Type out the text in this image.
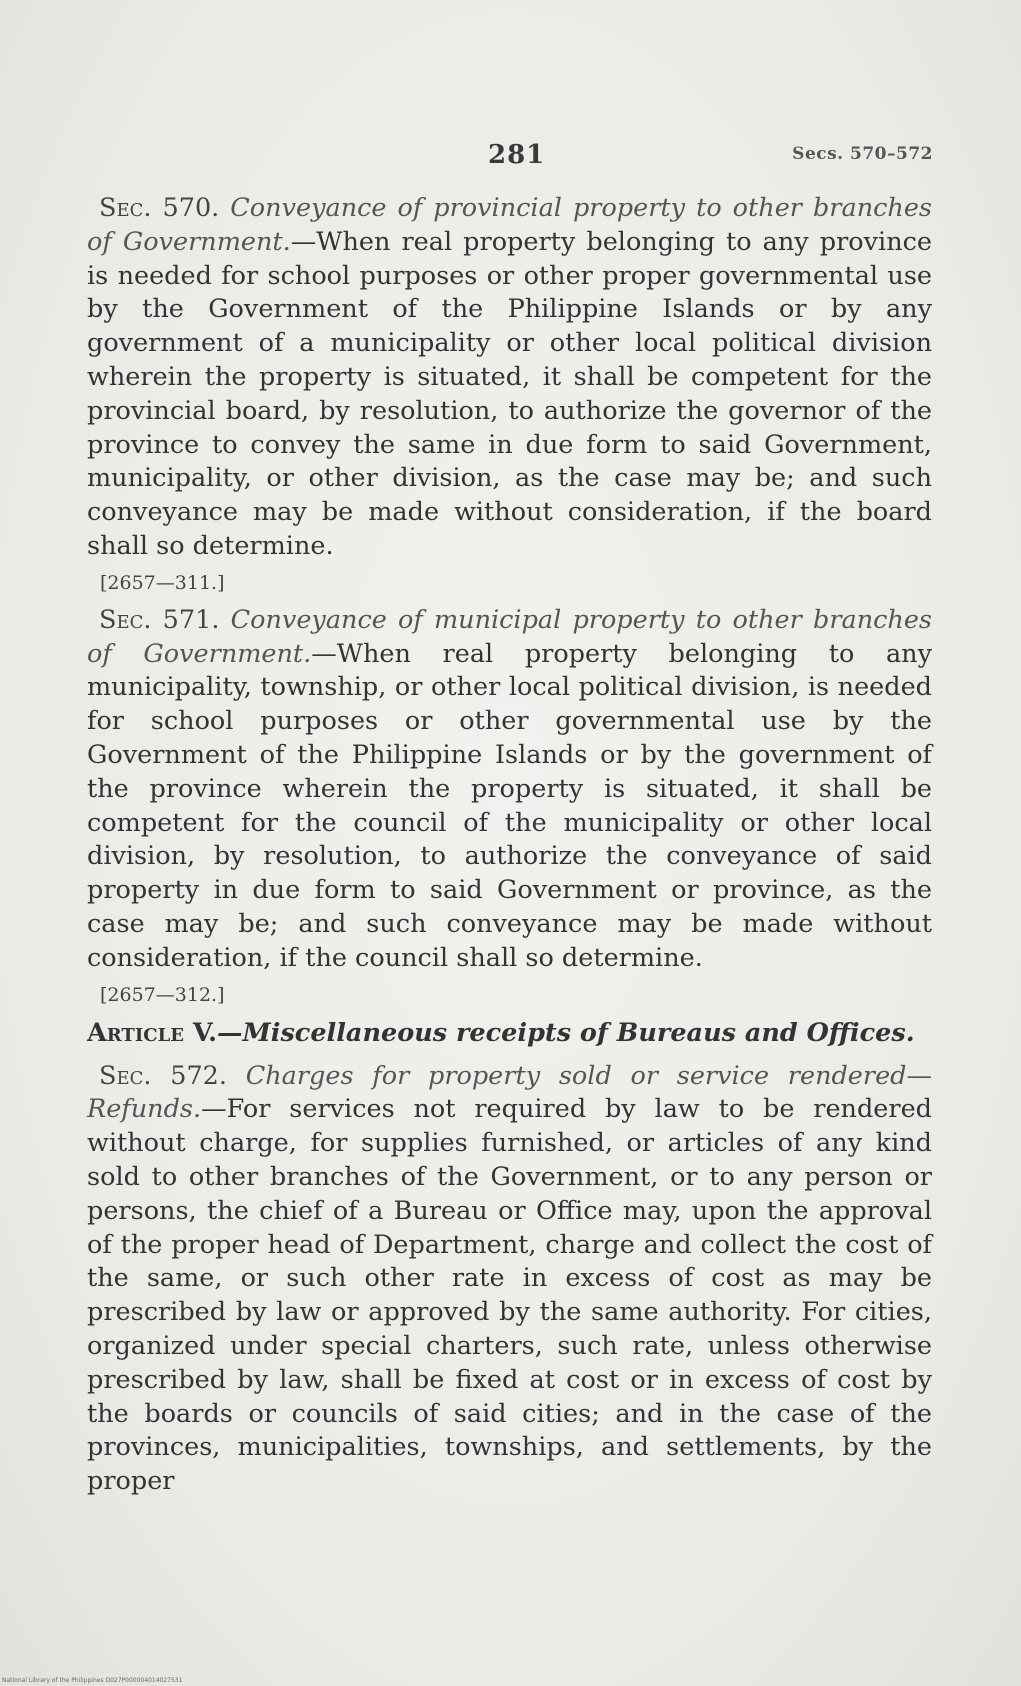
281	Secs. 570–572

Sec. 570. Conveyance of provincial property to other branches of Government.—When real property belonging to any province is needed for school purposes or other proper governmental use by the Government of the Philippine Islands or by any government of a municipality or other local political division wherein the property is situated, it shall be competent for the provincial board, by resolution, to authorize the governor of the province to convey the same in due form to said Government, municipality, or other division, as the case may be; and such conveyance may be made without consideration, if the board shall so determine.

[2657—311.]

Sec. 571. Conveyance of municipal property to other branches of Government.—When real property belonging to any municipality, township, or other local political division, is needed for school purposes or other governmental use by the Government of the Philippine Islands or by the government of the province wherein the property is situated, it shall be competent for the council of the municipality or other local division, by resolution, to authorize the conveyance of said property in due form to said Government or province, as the case may be; and such conveyance may be made without consideration, if the council shall so determine.

[2657—312.]
Article V.—Miscellaneous receipts of Bureaus and Offices.

Sec. 572. Charges for property sold or service rendered—Refunds.—For services not required by law to be rendered without charge, for supplies furnished, or articles of any kind sold to other branches of the Government, or to any person or persons, the chief of a Bureau or Office may, upon the approval of the proper head of Department, charge and collect the cost of the same, or such other rate in excess of cost as may be prescribed by law or approved by the same authority. For cities, organized under special charters, such rate, unless otherwise prescribed by law, shall be fixed at cost or in excess of cost by the boards or councils of said cities; and in the case of the provinces, municipalities, townships, and settlements, by the proper

National Library of the Philippines D027P000004014027531
